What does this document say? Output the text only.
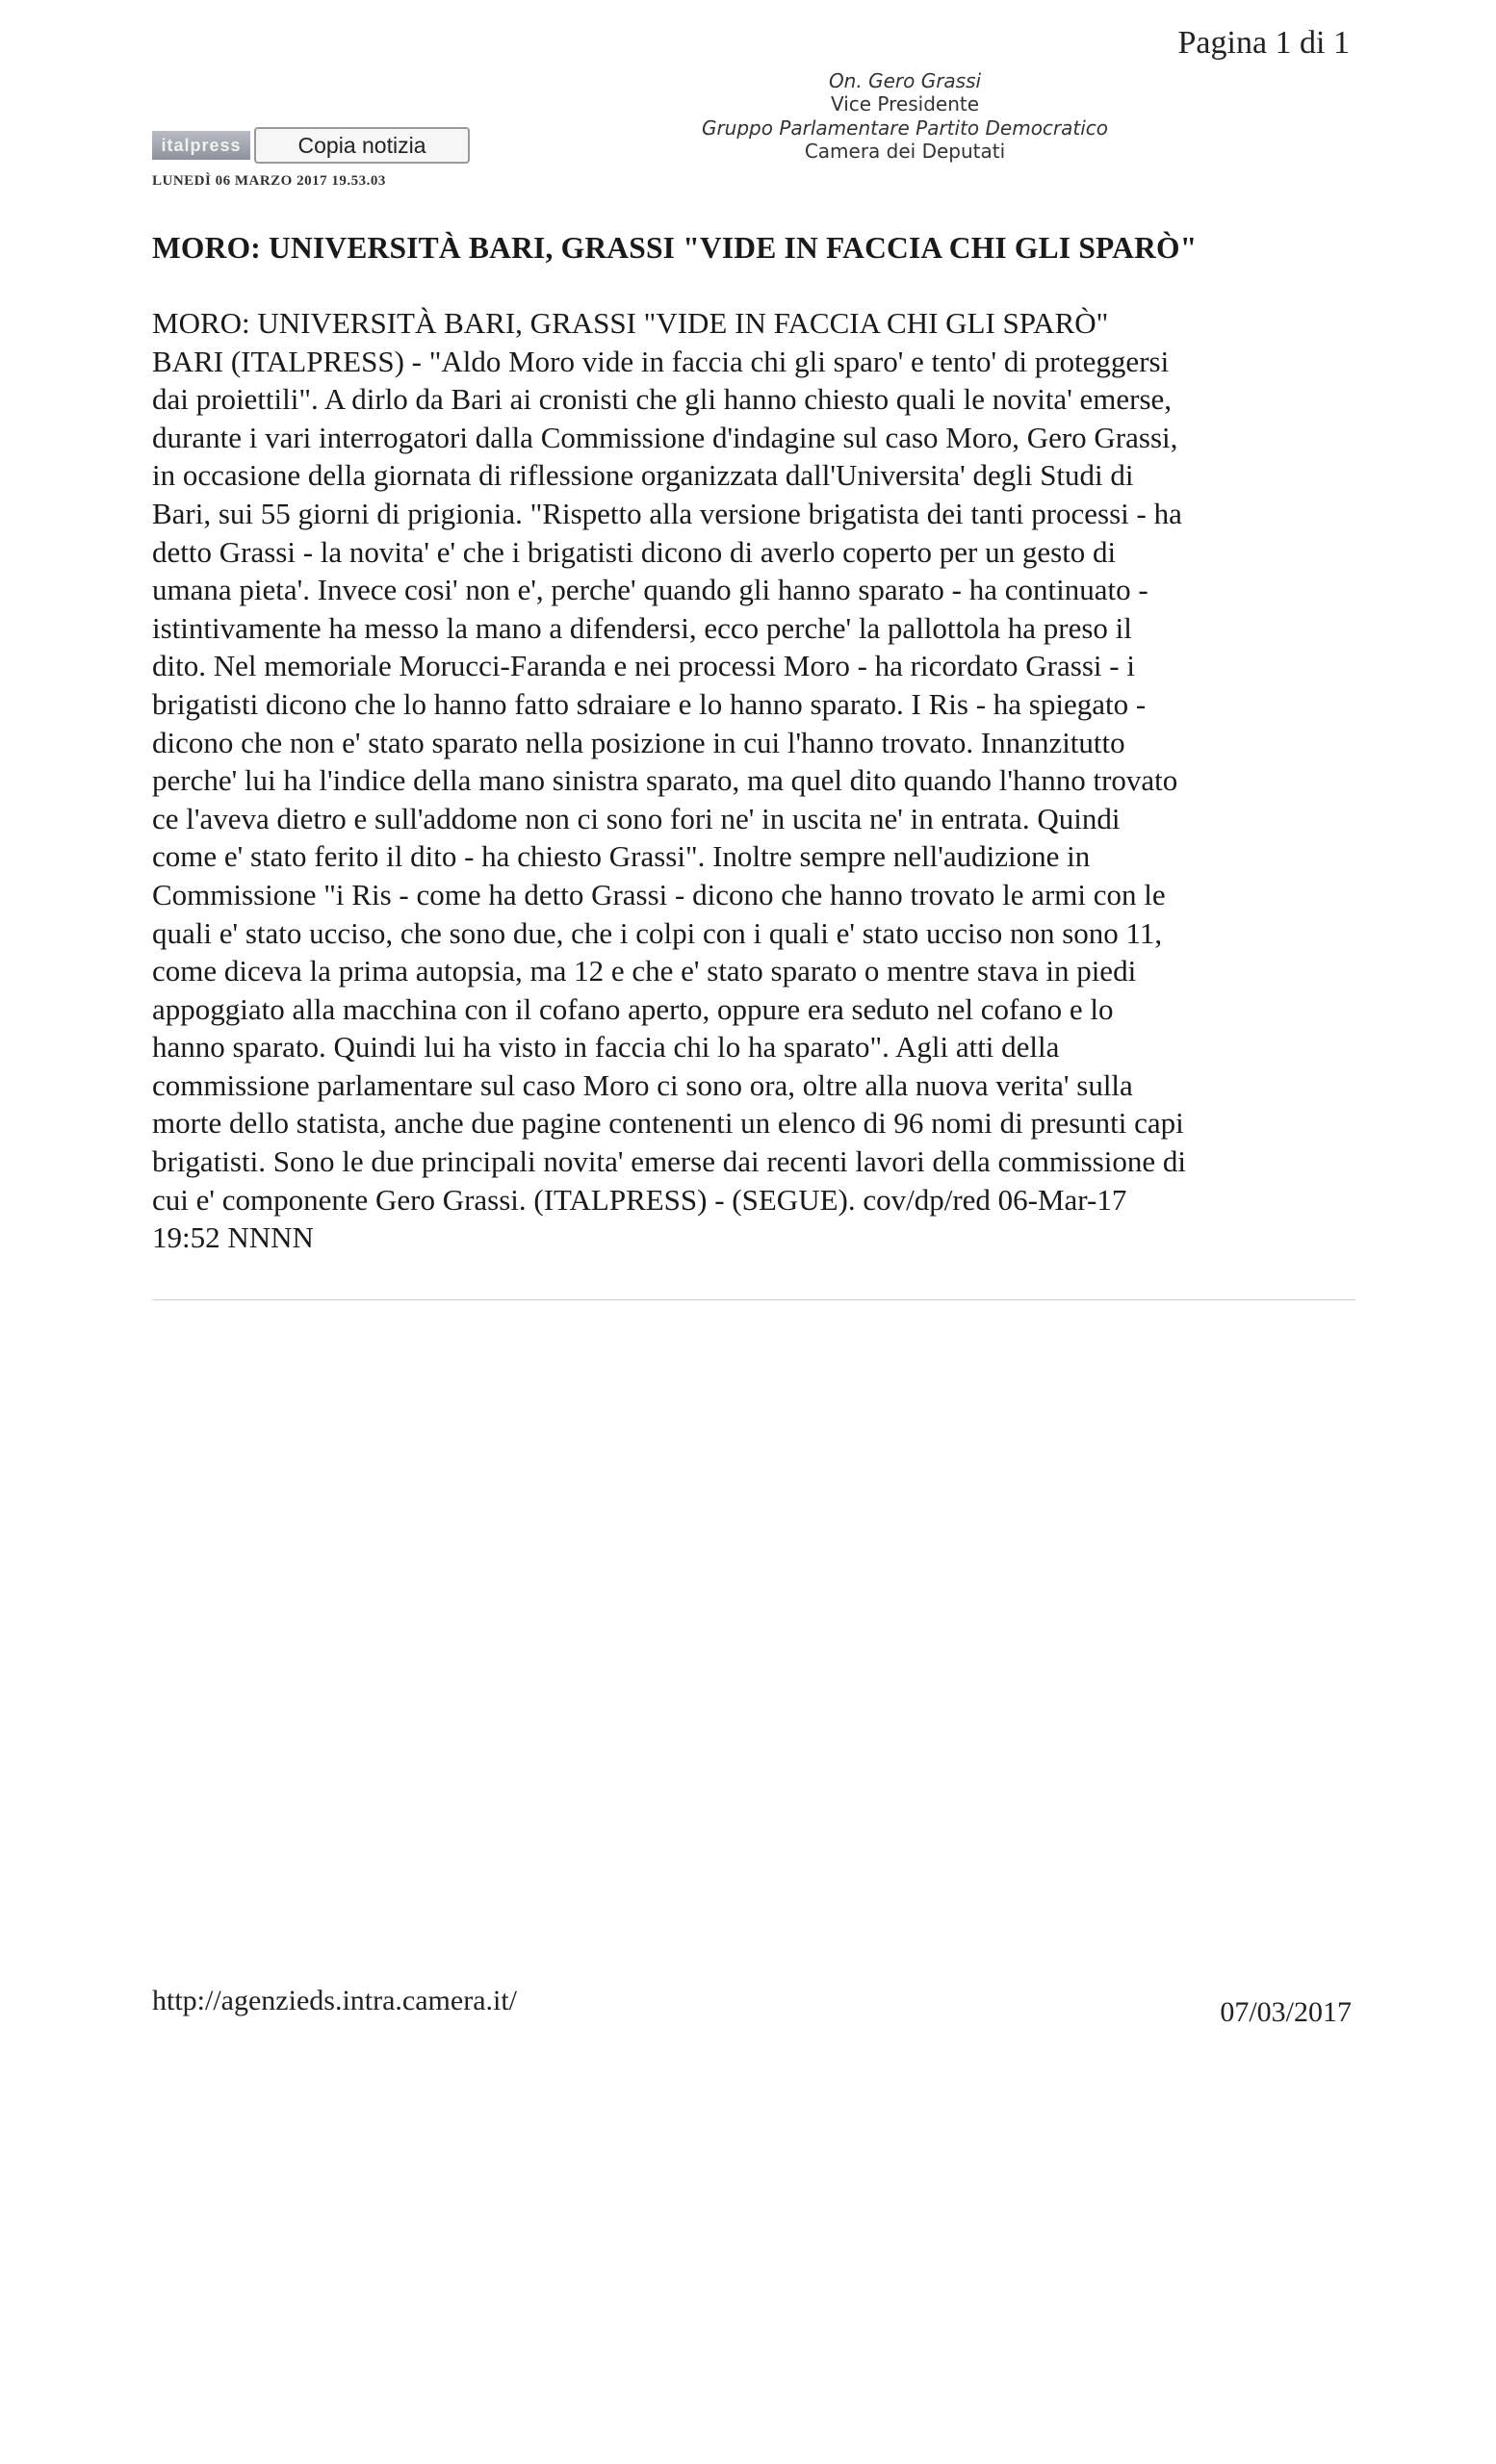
Pagina 1 di 1
On. Gero Grassi
Vice Presidente
Gruppo Parlamentare Partito Democratico
Camera dei Deputati
italpress	Copia notizia
LUNEDÌ 06 MARZO 2017 19.53.03
MORO: UNIVERSITÀ BARI, GRASSI "VIDE IN FACCIA CHI GLI SPARÒ"
MORO: UNIVERSITÀ BARI, GRASSI "VIDE IN FACCIA CHI GLI SPARÒ"
BARI (ITALPRESS) - "Aldo Moro vide in faccia chi gli sparo' e tento' di proteggersi
dai proiettili". A dirlo da Bari ai cronisti che gli hanno chiesto quali le novita' emerse,
durante i vari interrogatori dalla Commissione d'indagine sul caso Moro, Gero Grassi,
in occasione della giornata di riflessione organizzata dall'Universita' degli Studi di
Bari, sui 55 giorni di prigionia. "Rispetto alla versione brigatista dei tanti processi - ha
detto Grassi - la novita' e' che i brigatisti dicono di averlo coperto per un gesto di
umana pieta'. Invece cosi' non e', perche' quando gli hanno sparato - ha continuato -
istintivamente ha messo la mano a difendersi, ecco perche' la pallottola ha preso il
dito. Nel memoriale Morucci-Faranda e nei processi Moro - ha ricordato Grassi - i
brigatisti dicono che lo hanno fatto sdraiare e lo hanno sparato. I Ris - ha spiegato -
dicono che non e' stato sparato nella posizione in cui l'hanno trovato. Innanzitutto
perche' lui ha l'indice della mano sinistra sparato, ma quel dito quando l'hanno trovato
ce l'aveva dietro e sull'addome non ci sono fori ne' in uscita ne' in entrata. Quindi
come e' stato ferito il dito - ha chiesto Grassi". Inoltre sempre nell'audizione in
Commissione "i Ris - come ha detto Grassi - dicono che hanno trovato le armi con le
quali e' stato ucciso, che sono due, che i colpi con i quali e' stato ucciso non sono 11,
come diceva la prima autopsia, ma 12 e che e' stato sparato o mentre stava in piedi
appoggiato alla macchina con il cofano aperto, oppure era seduto nel cofano e lo
hanno sparato. Quindi lui ha visto in faccia chi lo ha sparato". Agli atti della
commissione parlamentare sul caso Moro ci sono ora, oltre alla nuova verita' sulla
morte dello statista, anche due pagine contenenti un elenco di 96 nomi di presunti capi
brigatisti. Sono le due principali novita' emerse dai recenti lavori della commissione di
cui e' componente Gero Grassi. (ITALPRESS) - (SEGUE). cov/dp/red 06-Mar-17
19:52 NNNN
http://agenzieds.intra.camera.it/	07/03/2017
